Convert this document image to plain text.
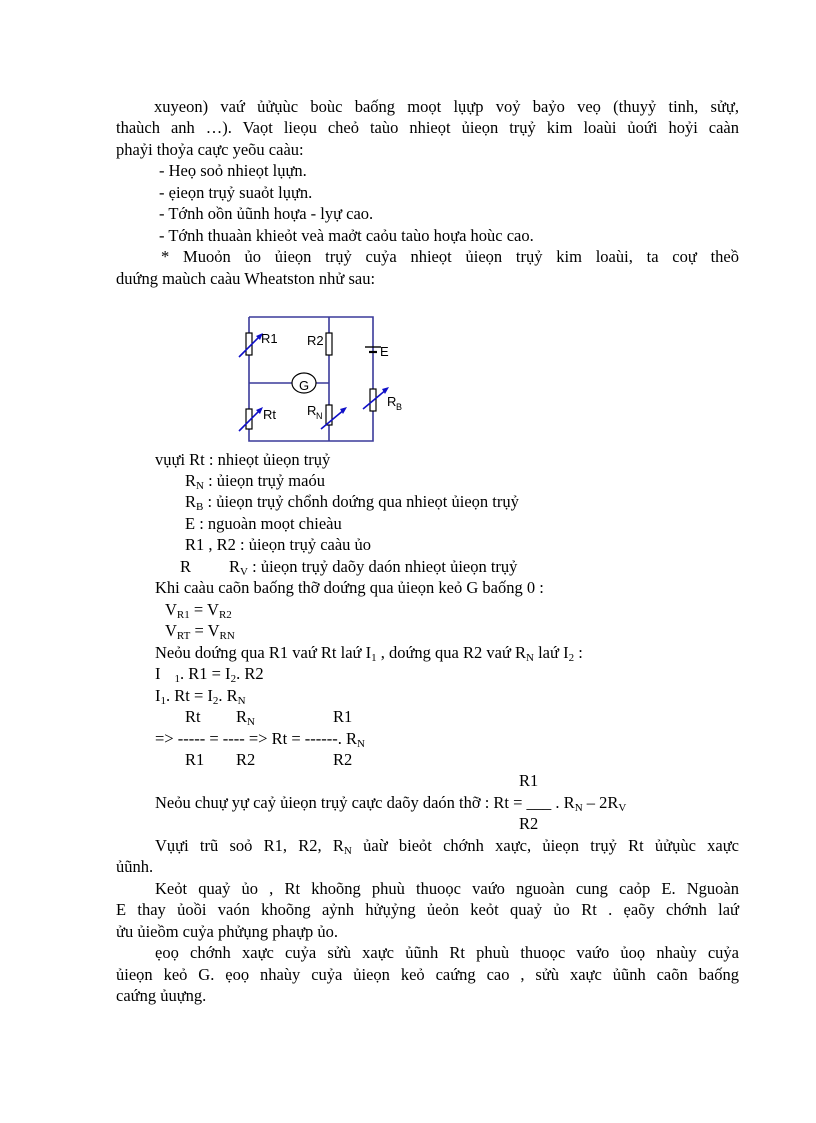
xuyeon) vaứ ủửụùc boùc baống moọt lụựp voỷ baỷo veọ (thuyỷ tinh, sửự,
thaùch anh …). Vaọt lieọu cheỏ taùo nhieọt ủieọn trụỷ kim loaùi ủoứi hoỷi caàn
phaỷi thoỷa caực yeõu caàu:
- Heọ soỏ nhieọt lụựn.
- ẹieọn trụỷ suaỏt lụựn.
- Tớnh oồn ủũnh hoựa - lyự cao.
- Tớnh thuaàn khieỏt veà maởt caỏu taùo hoựa hoùc cao.
* Muoỏn ủo ủieọn trụỷ cuỷa nhieọt ủieọn trụỷ kim loaùi, ta coự theồ
duứng maùch caàu Wheatston nhử sau:
R1 R2
E
G
Rt R N
R B
vụựi Rt : nhieọt ủieọn trụỷ
$R_N$ : ủieọn trụỷ maóu
$R_B$ : ủieọn trụỷ chổnh doứng qua nhieọt ủieọn trụỷ
E : nguoàn moọt chieàu
R1 , R2 : ủieọn trụỷ caàu ủo
R $R_V$ : ủieọn trụỷ daõy daón nhieọt ủieọn trụỷ
Khi caàu caõn baống thỡ doứng qua ủieọn keỏ G baống 0 :
$V_{R1} = V_{R2}$
$V_{RT} = V_{RN}$
Neỏu doứng qua R1 vaứ Rt laứ $I_1$ , doứng qua R2 vaứ $R_N$ laứ $I_2$ :
I $_1$. $R1 = I_2$. R2
$I_1$. $Rt = I_2$. $R_N$
Rt $R_N$	R1
=> ----- = ---- => Rt = ------. $R_N$
R1 R2	R2
R1
Neỏu chuự yự caỷ ủieọn trụỷ caực daõy daón thỡ : Rt = ___ . $R_N - 2R_V$
R2
Vụựi trũ soỏ R1, R2, $R_N$ ủaừ bieỏt chớnh xaực, ủieọn trụỷ Rt ủửụùc xaực
ủũnh.
Keỏt quaỷ ủo , Rt khoõng phuù thuoọc vaứo nguoàn cung caỏp E. Nguoàn
E thay ủoồi vaón khoõng aỷnh hửụỷng ủeỏn keỏt quaỷ ủo Rt . ẹaõy chớnh laứ
ửu ủieồm cuỷa phửụng phaựp ủo.
ẹoọ chớnh xaực cuỷa sửù xaực ủũnh Rt phuù thuoọc vaứo ủoọ nhaùy cuỷa
ủieọn keỏ G. ẹoọ nhaùy cuỷa ủieọn keỏ caứng cao , sửù xaực ủũnh caõn baống
caứng ủuựng.
